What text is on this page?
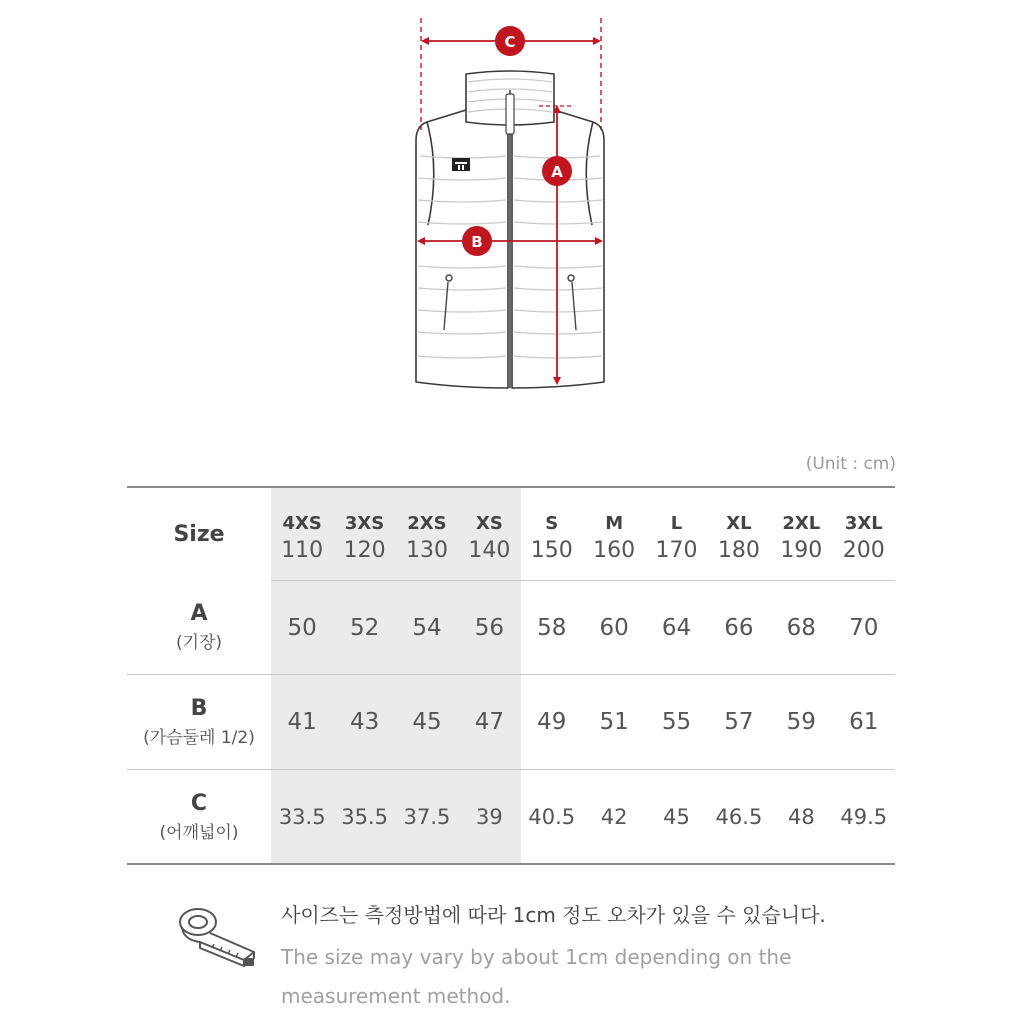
C
A
B
(Unit : cm)
Size	4XS	3XS	2XS	XS	S	M	L	XL	2XL	3XL
	110	120	130	140	150	160	170	180	190	200

A
(기장)	50	52	54	56	58	60	64	66	68	70

B
(가슴둘레 1/2)	41	43	45	47	49	51	55	57	59	61

C
(어깨넓이)	33.5	35.5	37.5	39	40.5	42	45	46.5	48	49.5
사이즈는 측정방법에 따라 1cm 정도 오차가 있을 수 있습니다.
The size may vary by about 1cm depending on the measurement method.
